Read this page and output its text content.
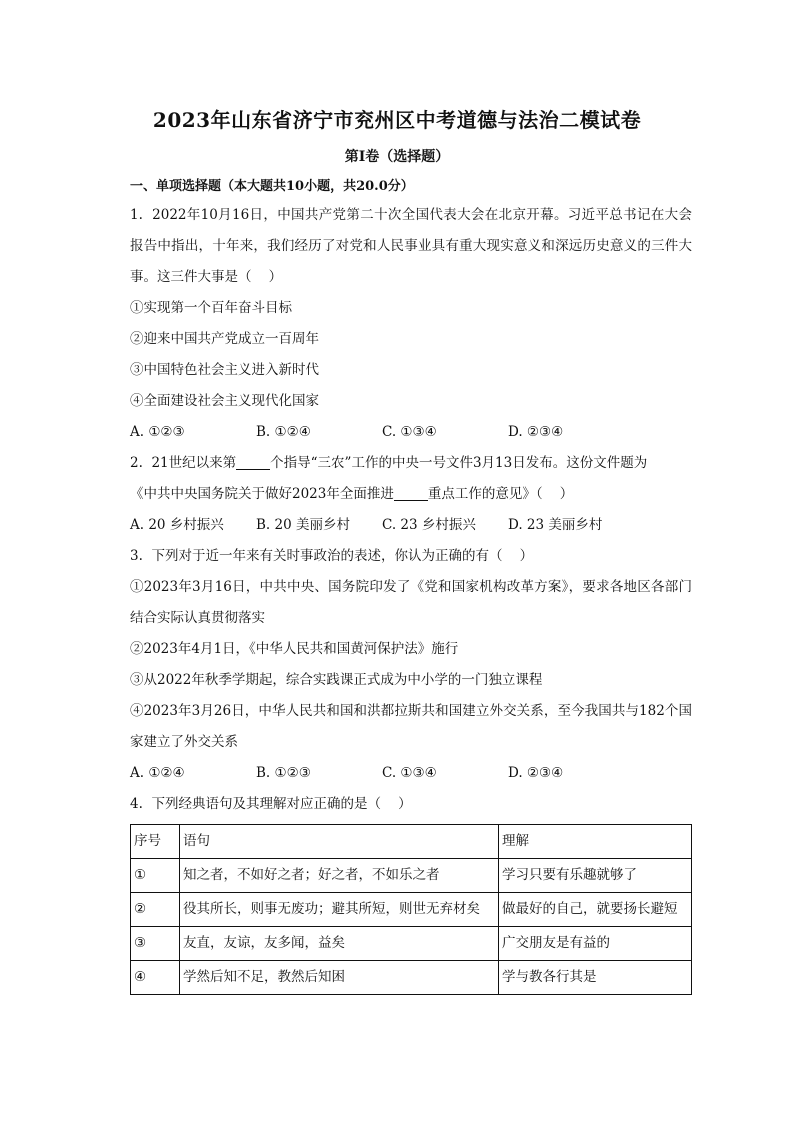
2023年山东省济宁市兖州区中考道德与法治二模试卷
第Ⅰ卷（选择题）
一、单项选择题（本大题共10小题，共20.0分）
1.  2022年10月16日，中国共产党第二十次全国代表大会在北京开幕。习近平总书记在大会报告中指出，十年来，我们经历了对党和人民事业具有重大现实意义和深远历史意义的三件大事。这三件大事是（    ）
①实现第一个百年奋斗目标
②迎来中国共产党成立一百周年
③中国特色社会主义进入新时代
④全面建设社会主义现代化国家
A. ①②③	B. ①②④	C. ①③④	D. ②③④
2.  21世纪以来第	个指导“三农”工作的中央一号文件3月13日发布。这份文件题为
《中共中央国务院关于做好2023年全面推进	重点工作的意见》（    ）
A. 20 乡村振兴	B. 20 美丽乡村	C. 23 乡村振兴	D. 23 美丽乡村
3.  下列对于近一年来有关时事政治的表述，你认为正确的有（    ）
①2023年3月16日，中共中央、国务院印发了《党和国家机构改革方案》，要求各地区各部门结合实际认真贯彻落实
②2023年4月1日，《中华人民共和国黄河保护法》施行
③从2022年秋季学期起，综合实践课正式成为中小学的一门独立课程
④2023年3月26日，中华人民共和国和洪都拉斯共和国建立外交关系，至今我国共与182个国家建立了外交关系
A. ①②④	B. ①②③	C. ①③④	D. ②③④
4.  下列经典语句及其理解对应正确的是（    ）
序号	语句	理解
①	知之者，不如好之者；好之者，不如乐之者	学习只要有乐趣就够了
②	役其所长，则事无废功；避其所短，则世无弃材矣	做最好的自己，就要扬长避短
③	友直，友谅，友多闻，益矣	广交朋友是有益的
④	学然后知不足，教然后知困	学与教各行其是
